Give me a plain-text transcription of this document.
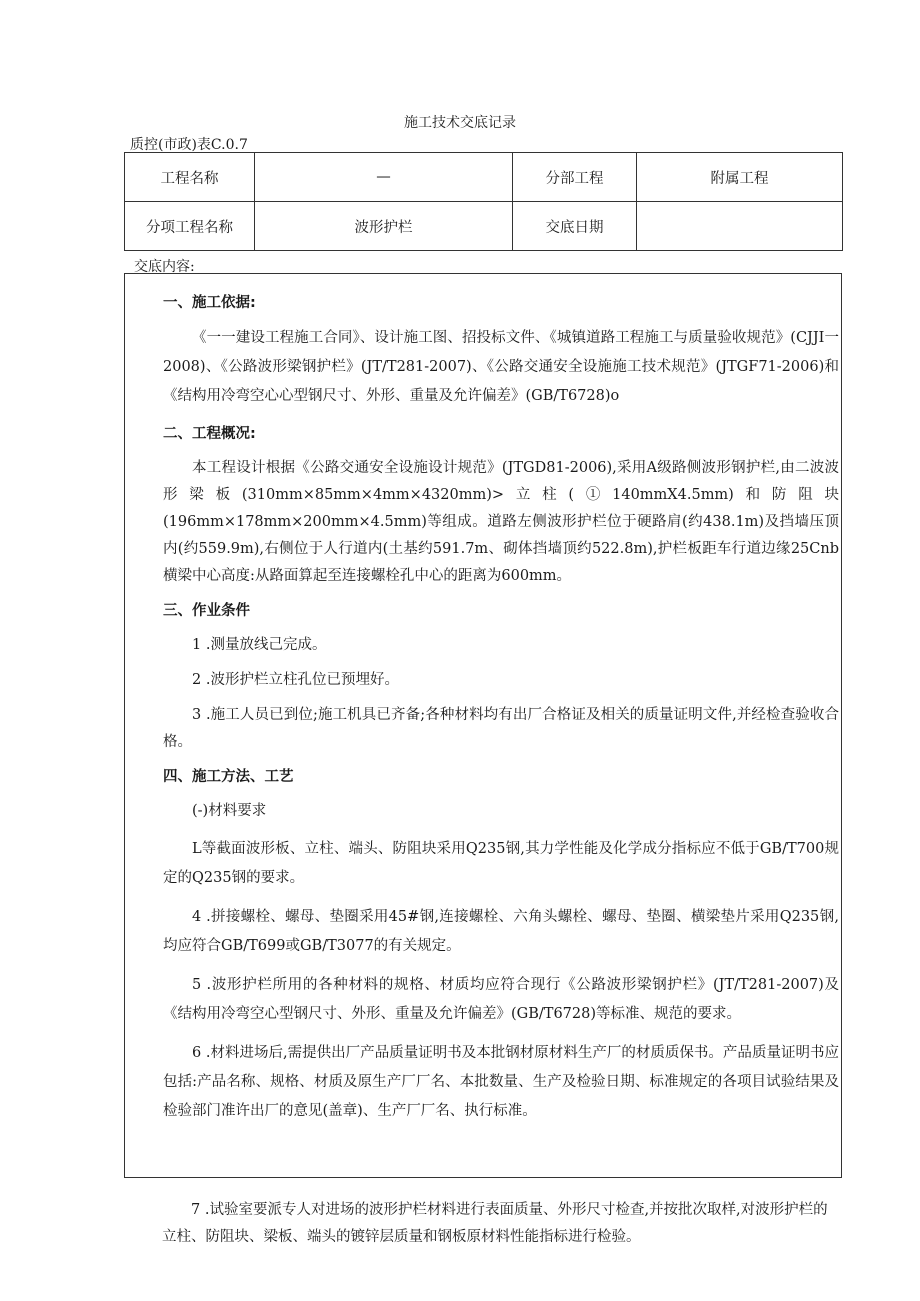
施工技术交底记录
质控(市政)表C.0.7
工程名称	—	分部工程	附属工程
分项工程名称	波形护栏	交底日期	
交底内容:
一、施工依据:

《一一建设工程施工合同》、设计施工图、招投标文件、《城镇道路工程施工与质量验收规范》(CJJI一2008)、《公路波形梁钢护栏》(JT/T281-2007)、《公路交通安全设施施工技术规范》(JTGF71-2006)和《结构用冷弯空心心型钢尺寸、外形、重量及允许偏差》(GB/T6728)o

二、工程概况:

本工程设计根据《公路交通安全设施设计规范》(JTGD81-2006),采用A级路侧波形钢护栏,由二波波形梁板(310mm×85mm×4mm×4320mm)>立柱(①140mmX4.5mm)和防阻块(196mm×178mm×200mm×4.5mm)等组成。道路左侧波形护栏位于硬路肩(约438.1m)及挡墙压顶内(约559.9m),右侧位于人行道内(土基约591.7m、砌体挡墙顶约522.8m),护栏板距车行道边缘25Cnb横梁中心高度:从路面算起至连接螺栓孔中心的距离为600mm。

三、作业条件

1 .测量放线己完成。

2 .波形护栏立柱孔位已预埋好。

3 .施工人员已到位;施工机具已齐备;各种材料均有出厂合格证及相关的质量证明文件,并经检查验收合格。

四、施工方法、工艺

(-)材料要求

L等截面波形板、立柱、端头、防阻块采用Q235钢,其力学性能及化学成分指标应不低于GB/T700规定的Q235钢的要求。

4 .拼接螺栓、螺母、垫圈采用45#钢,连接螺栓、六角头螺栓、螺母、垫圈、横梁垫片采用Q235钢,均应符合GB/T699或GB/T3077的有关规定。

5 .波形护栏所用的各种材料的规格、材质均应符合现行《公路波形梁钢护栏》(JT/T281-2007)及《结构用冷弯空心型钢尺寸、外形、重量及允许偏差》(GB/T6728)等标准、规范的要求。

6 .材料进场后,需提供出厂产品质量证明书及本批钢材原材料生产厂的材质质保书。产品质量证明书应包括:产品名称、规格、材质及原生产厂厂名、本批数量、生产及检验日期、标准规定的各项目试验结果及检验部门准许出厂的意见(盖章)、生产厂厂名、执行标准。

7 .试验室要派专人对进场的波形护栏材料进行表面质量、外形尺寸检查,并按批次取样,对波形护栏的立柱、防阻块、梁板、端头的镀锌层质量和钢板原材料性能指标进行检验。
